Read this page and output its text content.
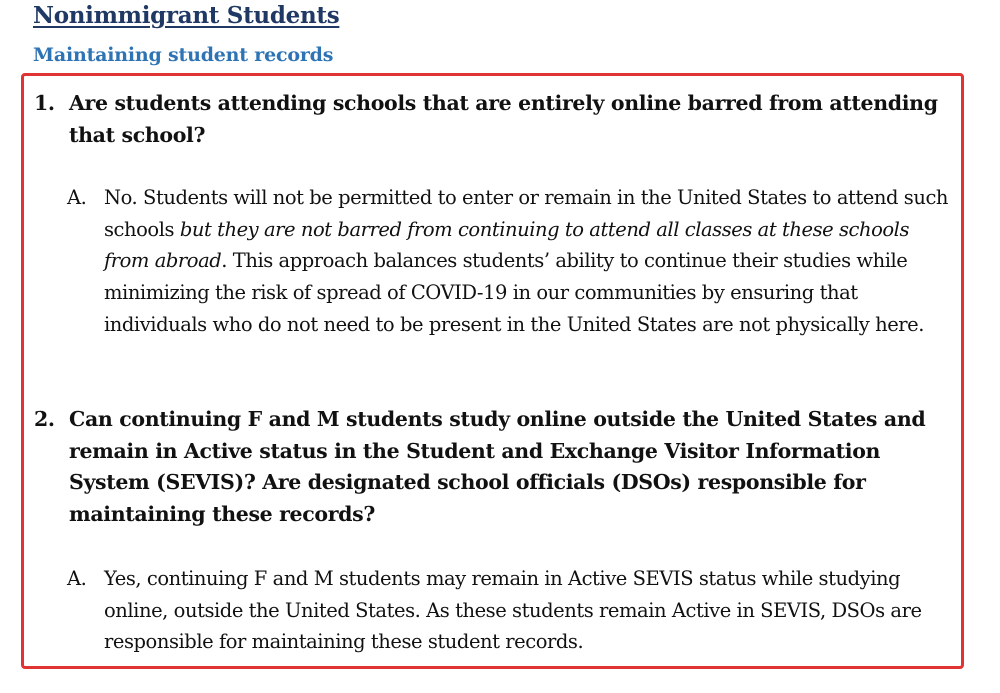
Nonimmigrant Students
Maintaining student records
1. Are students attending schools that are entirely online barred from attending that school?
A. No. Students will not be permitted to enter or remain in the United States to attend such schools but they are not barred from continuing to attend all classes at these schools from abroad. This approach balances students’ ability to continue their studies while minimizing the risk of spread of COVID-19 in our communities by ensuring that individuals who do not need to be present in the United States are not physically here.
2. Can continuing F and M students study online outside the United States and remain in Active status in the Student and Exchange Visitor Information System (SEVIS)? Are designated school officials (DSOs) responsible for maintaining these records?
A. Yes, continuing F and M students may remain in Active SEVIS status while studying online, outside the United States. As these students remain Active in SEVIS, DSOs are responsible for maintaining these student records.
